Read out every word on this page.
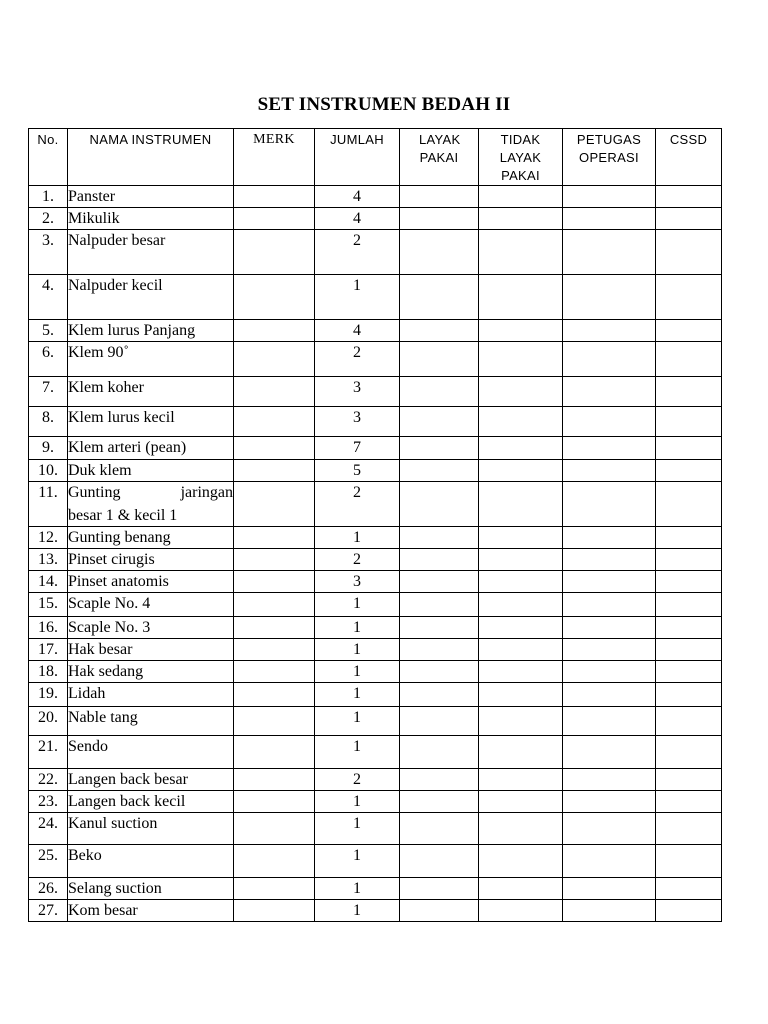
SET INSTRUMEN BEDAH II
No.	NAMA INSTRUMEN	MERK	JUMLAH	LAYAK PAKAI	TIDAK LAYAK PAKAI	PETUGAS OPERASI	CSSD
1.	Panster		4				
2.	Mikulik		4				
3.	Nalpuder besar		2				
4.	Nalpuder kecil		1				
5.	Klem lurus Panjang		4				
6.	Klem 90˚		2				
7.	Klem koher		3				
8.	Klem lurus kecil		3				
9.	Klem arteri (pean)		7				
10.	Duk klem		5				
11.	Gunting jaringan
besar 1 & kecil 1		2				
12.	Gunting benang		1				
13.	Pinset cirugis		2				
14.	Pinset anatomis		3				
15.	Scaple No. 4		1				
16.	Scaple No. 3		1				
17.	Hak besar		1				
18.	Hak sedang		1				
19.	Lidah		1				
20.	Nable tang		1				
21.	Sendo		1				
22.	Langen back besar		2				
23.	Langen back kecil		1				
24.	Kanul suction		1				
25.	Beko		1				
26.	Selang suction		1				
27.	Kom besar		1				
